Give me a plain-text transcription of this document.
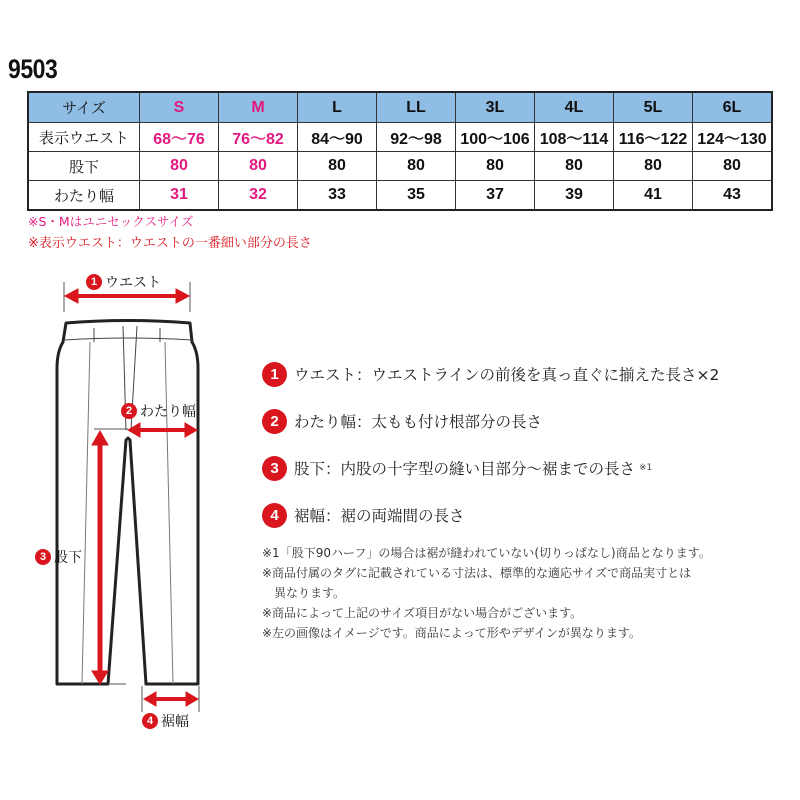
9503
サイズ	S	M	L	LL	3L	4L	5L	6L
表示ウエスト	68〜76	76〜82	84〜90	92〜98	100〜106	108〜114	116〜122	124〜130
股下	80	80	80	80	80	80	80	80
わたり幅	31	32	33	35	37	39	41	43
※S・Mはユニセックスサイズ
※表示ウエスト：ウエストの一番細い部分の長さ
1 ウエスト
2 わたり幅
3 股下
4 裾幅
1 ウエスト：ウエストラインの前後を真っ直ぐに揃えた長さ×2
2 わたり幅：太もも付け根部分の長さ
3 股下：内股の十字型の縫い目部分〜裾までの長さ ※1
4 裾幅：裾の両端間の長さ
※1「股下90ハーフ」の場合は裾が縫われていない(切りっぱなし)商品となります。
※商品付属のタグに記載されている寸法は、標準的な適応サイズで商品実寸とは
異なります。
※商品によって上記のサイズ項目がない場合がございます。
※左の画像はイメージです。商品によって形やデザインが異なります。
